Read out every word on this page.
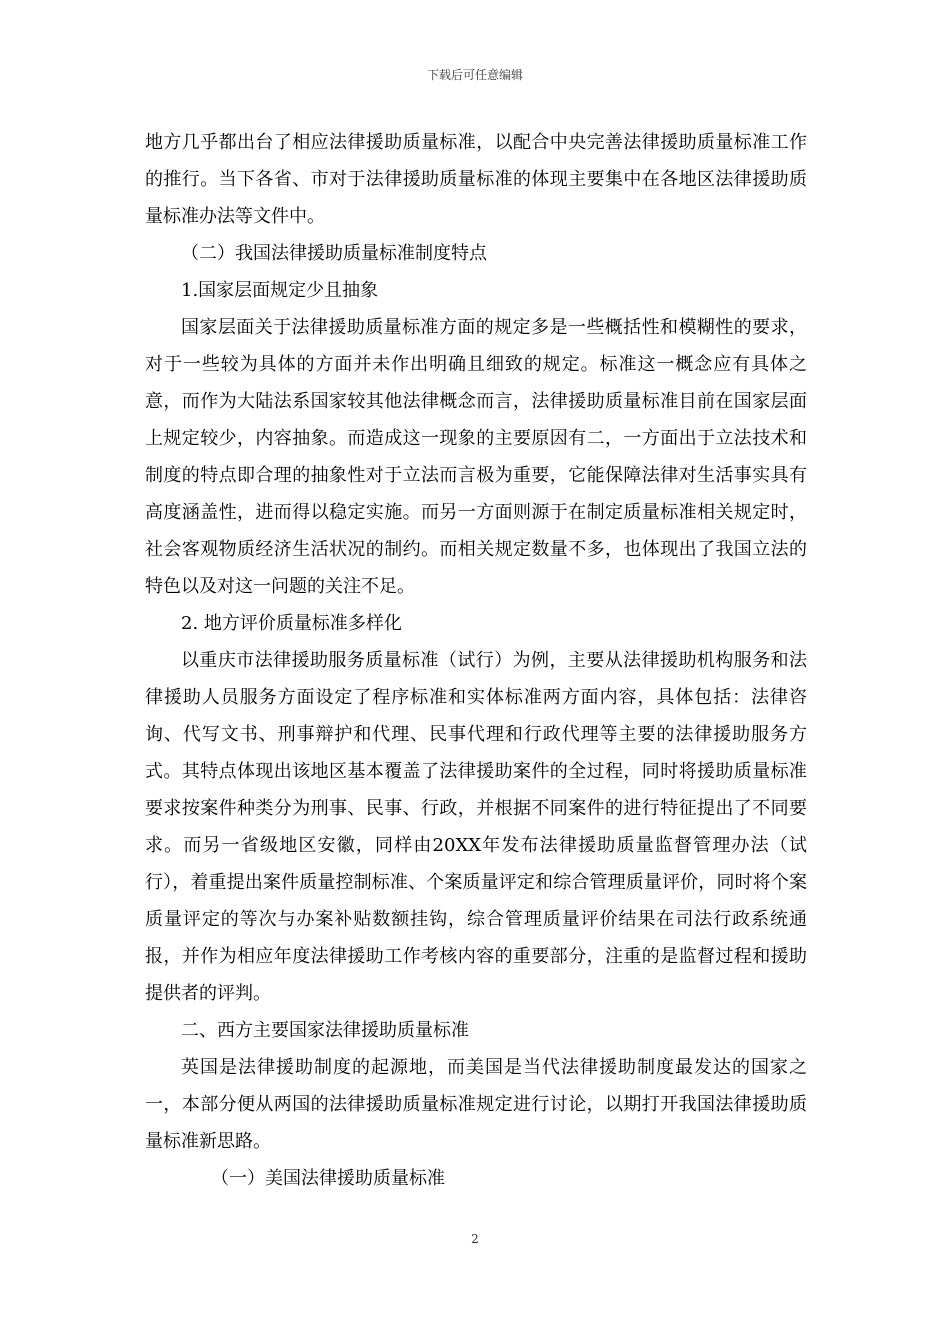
下载后可任意编辑

地方几乎都出台了相应法律援助质量标准，以配合中央完善法律援助质量标准工作的推行。当下各省、市对于法律援助质量标准的体现主要集中在各地区法律援助质量标准办法等文件中。

（二）我国法律援助质量标准制度特点

1.国家层面规定少且抽象

国家层面关于法律援助质量标准方面的规定多是一些概括性和模糊性的要求，对于一些较为具体的方面并未作出明确且细致的规定。标准这一概念应有具体之意，而作为大陆法系国家较其他法律概念而言，法律援助质量标准目前在国家层面上规定较少，内容抽象。而造成这一现象的主要原因有二，一方面出于立法技术和制度的特点即合理的抽象性对于立法而言极为重要，它能保障法律对生活事实具有高度涵盖性，进而得以稳定实施。而另一方面则源于在制定质量标准相关规定时，社会客观物质经济生活状况的制约。而相关规定数量不多，也体现出了我国立法的特色以及对这一问题的关注不足。

2. 地方评价质量标准多样化

以重庆市法律援助服务质量标准（试行）为例，主要从法律援助机构服务和法律援助人员服务方面设定了程序标准和实体标准两方面内容，具体包括：法律咨询、代写文书、刑事辩护和代理、民事代理和行政代理等主要的法律援助服务方式。其特点体现出该地区基本覆盖了法律援助案件的全过程，同时将援助质量标准要求按案件种类分为刑事、民事、行政，并根据不同案件的进行特征提出了不同要求。而另一省级地区安徽，同样由20XX年发布法律援助质量监督管理办法（试行），着重提出案件质量控制标准、个案质量评定和综合管理质量评价，同时将个案质量评定的等次与办案补贴数额挂钩，综合管理质量评价结果在司法行政系统通报，并作为相应年度法律援助工作考核内容的重要部分，注重的是监督过程和援助提供者的评判。

二、西方主要国家法律援助质量标准

英国是法律援助制度的起源地，而美国是当代法律援助制度最发达的国家之一，本部分便从两国的法律援助质量标准规定进行讨论，以期打开我国法律援助质量标准新思路。

（一）美国法律援助质量标准

2
